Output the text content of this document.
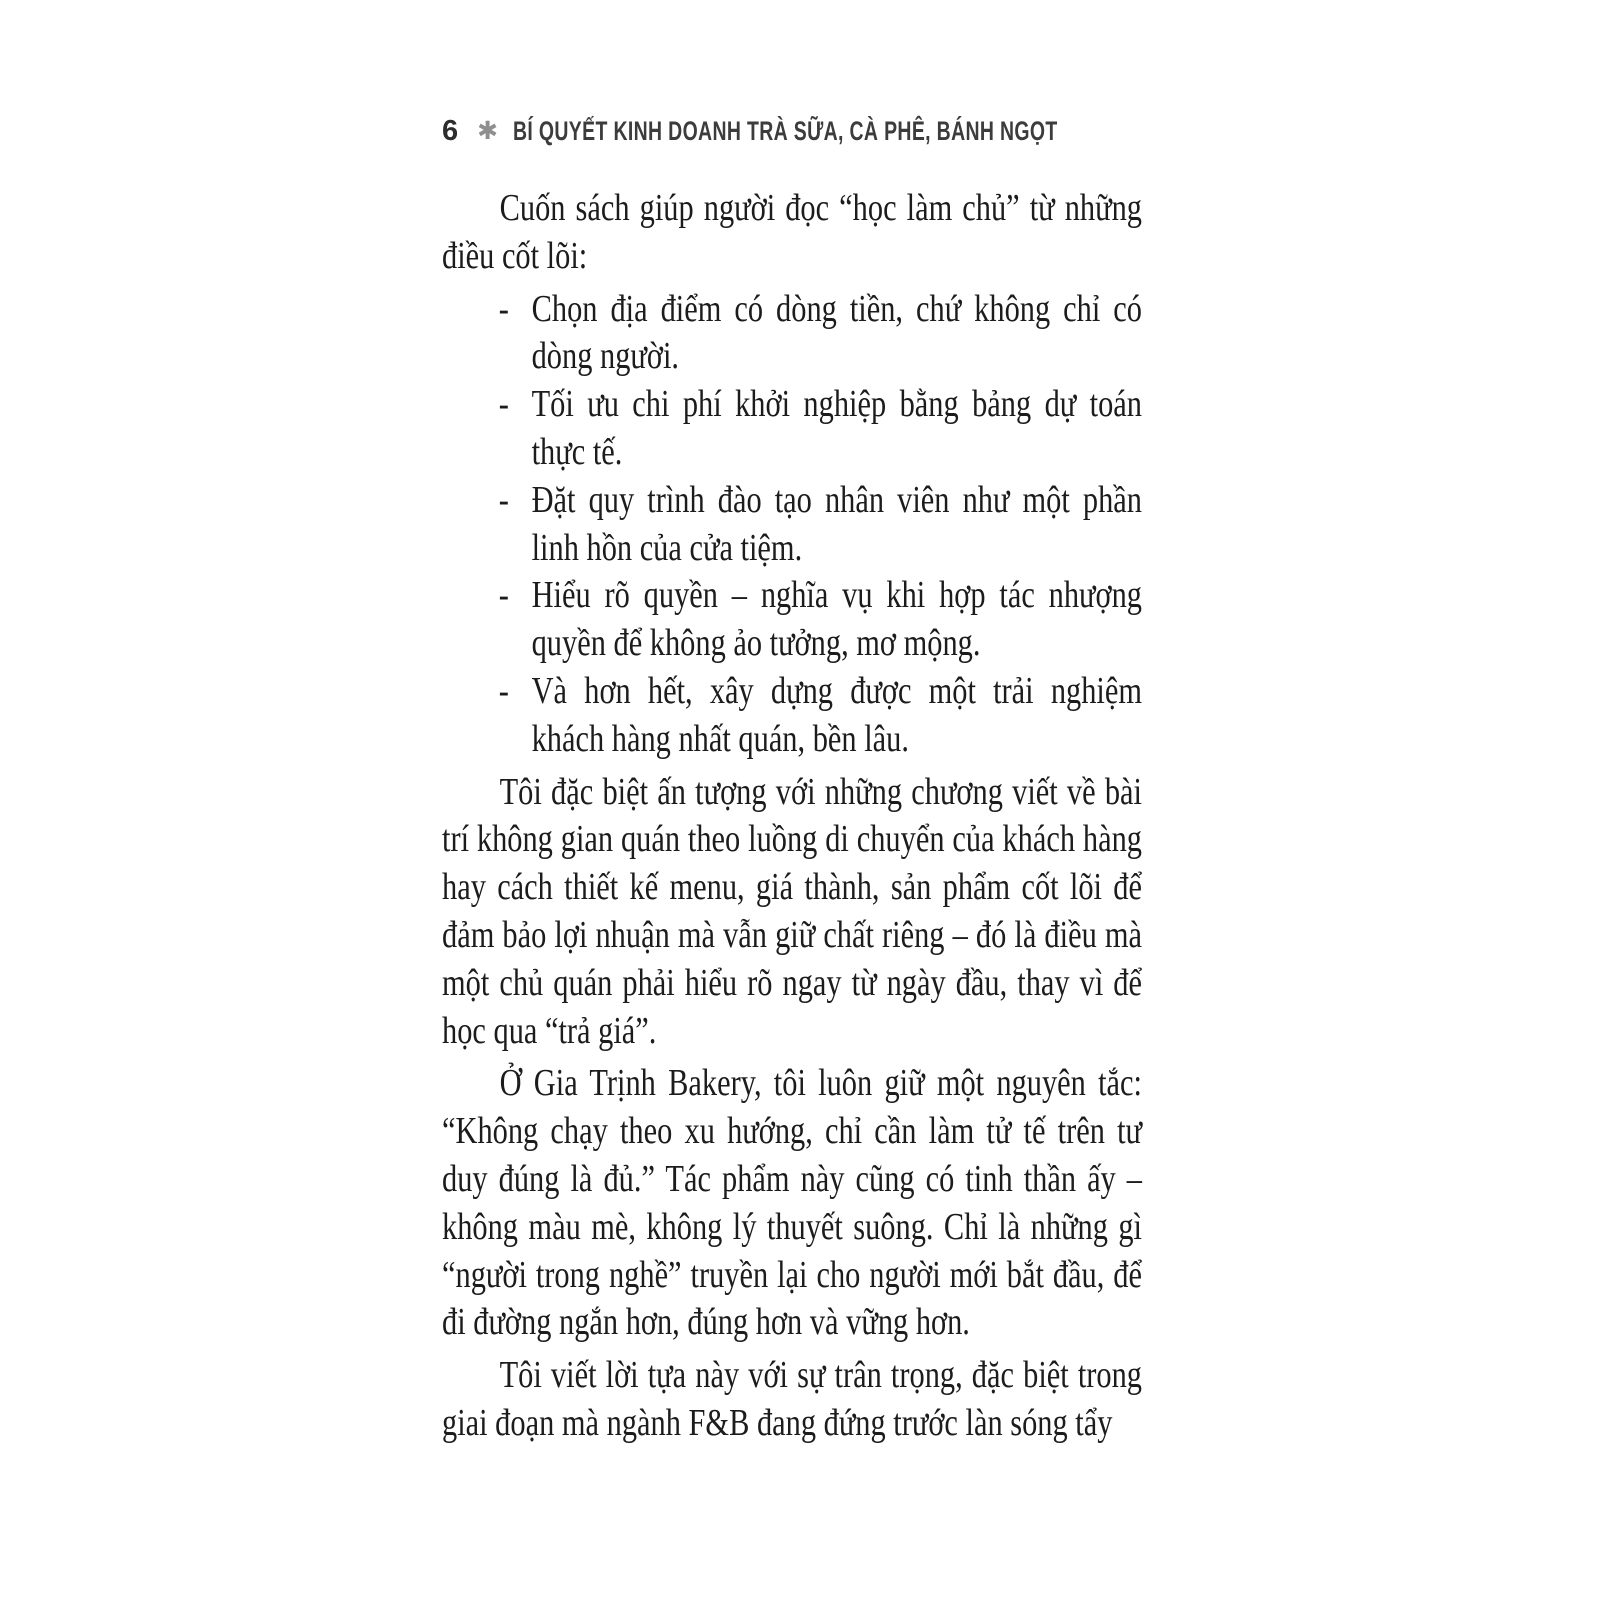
6 ✱ BÍ QUYẾT KINH DOANH TRÀ SỮA, CÀ PHÊ, BÁNH NGỌT

Cuốn sách giúp người đọc “học làm chủ” từ những điều cốt lõi:

- Chọn địa điểm có dòng tiền, chứ không chỉ có dòng người.
- Tối ưu chi phí khởi nghiệp bằng bảng dự toán thực tế.
- Đặt quy trình đào tạo nhân viên như một phần linh hồn của cửa tiệm.
- Hiểu rõ quyền – nghĩa vụ khi hợp tác nhượng quyền để không ảo tưởng, mơ mộng.
- Và hơn hết, xây dựng được một trải nghiệm khách hàng nhất quán, bền lâu.

Tôi đặc biệt ấn tượng với những chương viết về bài trí không gian quán theo luồng di chuyển của khách hàng hay cách thiết kế menu, giá thành, sản phẩm cốt lõi để đảm bảo lợi nhuận mà vẫn giữ chất riêng – đó là điều mà một chủ quán phải hiểu rõ ngay từ ngày đầu, thay vì để học qua “trả giá”.

Ở Gia Trịnh Bakery, tôi luôn giữ một nguyên tắc: “Không chạy theo xu hướng, chỉ cần làm tử tế trên tư duy đúng là đủ.” Tác phẩm này cũng có tinh thần ấy – không màu mè, không lý thuyết suông. Chỉ là những gì “người trong nghề” truyền lại cho người mới bắt đầu, để đi đường ngắn hơn, đúng hơn và vững hơn.

Tôi viết lời tựa này với sự trân trọng, đặc biệt trong giai đoạn mà ngành F&B đang đứng trước làn sóng tẩy
